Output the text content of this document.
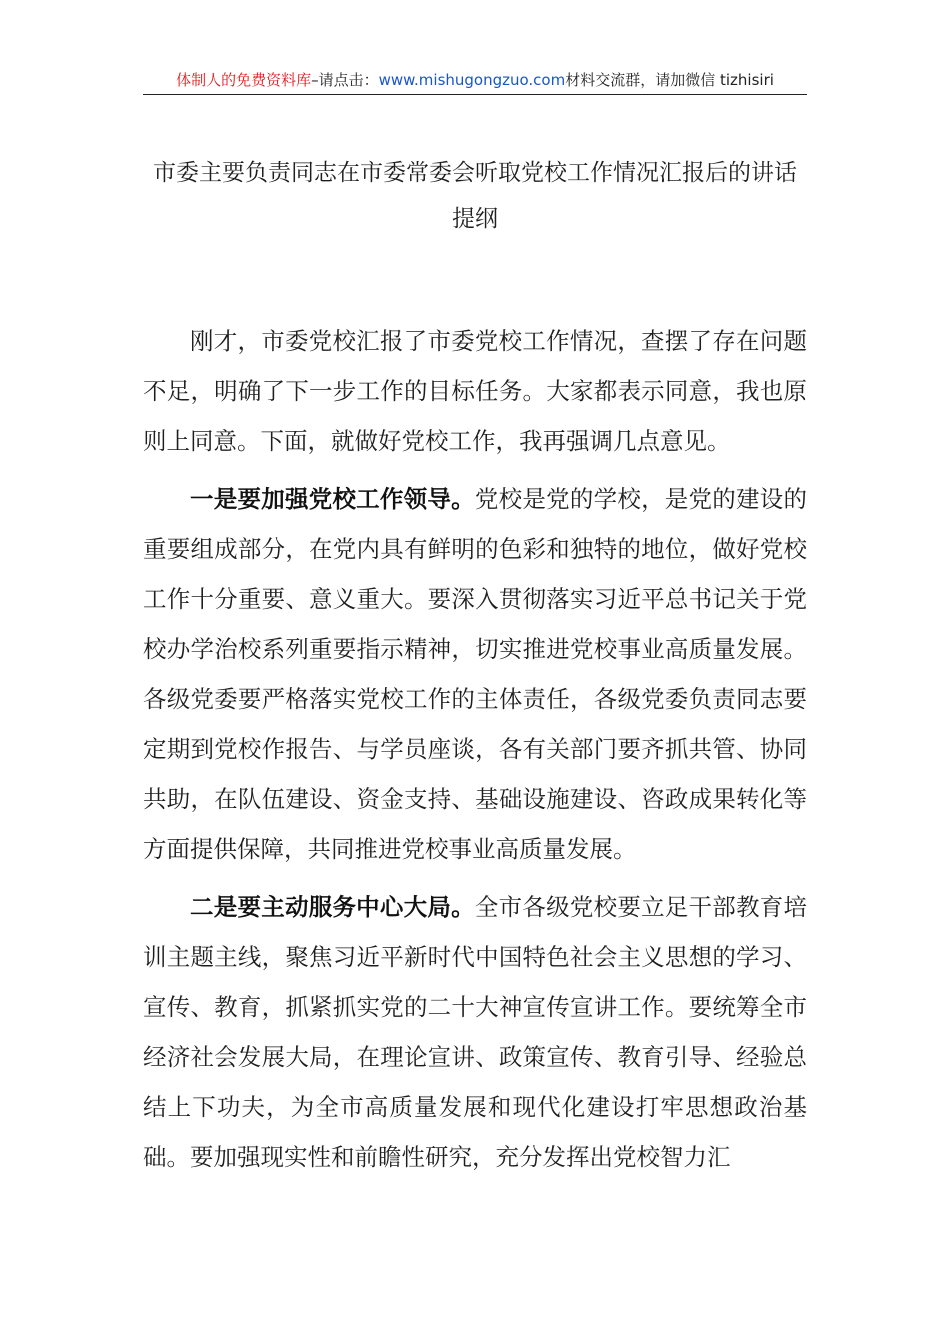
体制人的免费资料库–请点击：www.mishugongzuo.com材料交流群，请加微信 tizhisiri
市委主要负责同志在市委常委会听取党校工作情况汇报后的讲话提纲

刚才，市委党校汇报了市委党校工作情况，查摆了存在问题不足，明确了下一步工作的目标任务。大家都表示同意，我也原则上同意。下面，就做好党校工作，我再强调几点意见。

一是要加强党校工作领导。党校是党的学校，是党的建设的重要组成部分，在党内具有鲜明的色彩和独特的地位，做好党校工作十分重要、意义重大。要深入贯彻落实习近平总书记关于党校办学治校系列重要指示精神，切实推进党校事业高质量发展。各级党委要严格落实党校工作的主体责任，各级党委负责同志要定期到党校作报告、与学员座谈，各有关部门要齐抓共管、协同共助，在队伍建设、资金支持、基础设施建设、咨政成果转化等方面提供保障，共同推进党校事业高质量发展。

二是要主动服务中心大局。全市各级党校要立足干部教育培训主题主线，聚焦习近平新时代中国特色社会主义思想的学习、宣传、教育，抓紧抓实党的二十大神宣传宣讲工作。要统筹全市经济社会发展大局，在理论宣讲、政策宣传、教育引导、经验总结上下功夫，为全市高质量发展和现代化建设打牢思想政治基础。要加强现实性和前瞻性研究，充分发挥出党校智力汇
